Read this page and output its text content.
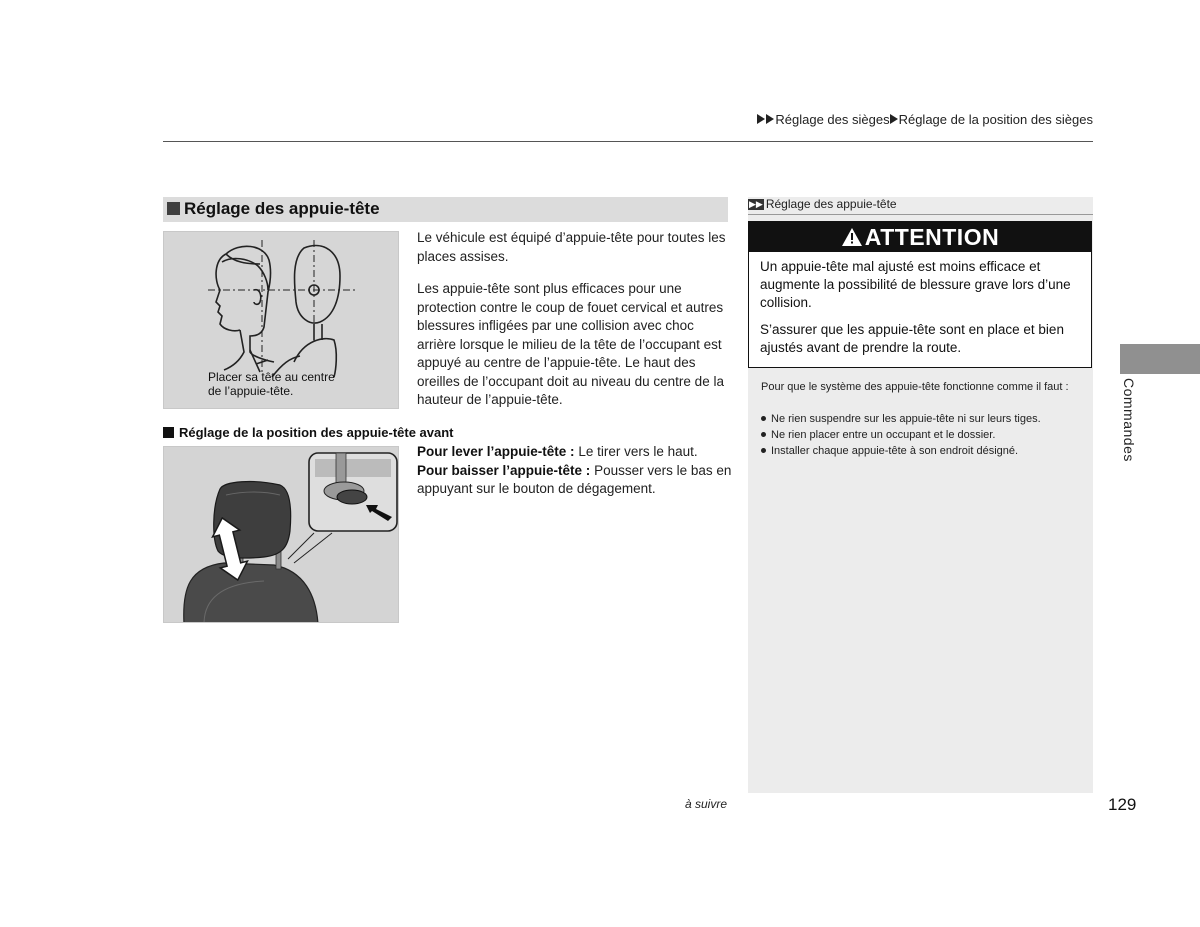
Réglage des sièges Réglage de la position des sièges
Réglage des appuie-tête
Placer sa tête au centre
de l’appuie-tête.
Le véhicule est équipé d’appuie-tête pour toutes les places assises.
Les appuie-tête sont plus efficaces pour une protection contre le coup de fouet cervical et autres blessures infligées par une collision avec choc arrière lorsque le milieu de la tête de l’occupant est appuyé au centre de l’appuie-tête. Le haut des oreilles de l’occupant doit au niveau du centre de la hauteur de l’appuie-tête.
Réglage de la position des appuie-tête avant
Pour lever l’appuie-tête : Le tirer vers le haut.
Pour baisser l’appuie-tête : Pousser vers le bas en appuyant sur le bouton de dégagement.
▶▶ Réglage des appuie-tête
ATTENTION
Un appuie-tête mal ajusté est moins efficace et augmente la possibilité de blessure grave lors d’une collision.
S’assurer que les appuie-tête sont en place et bien ajustés avant de prendre la route.
Pour que le système des appuie-tête fonctionne comme il faut :
Ne rien suspendre sur les appuie-tête ni sur leurs tiges.
Ne rien placer entre un occupant et le dossier.
Installer chaque appuie-tête à son endroit désigné.	Commandes
à suivre	129
